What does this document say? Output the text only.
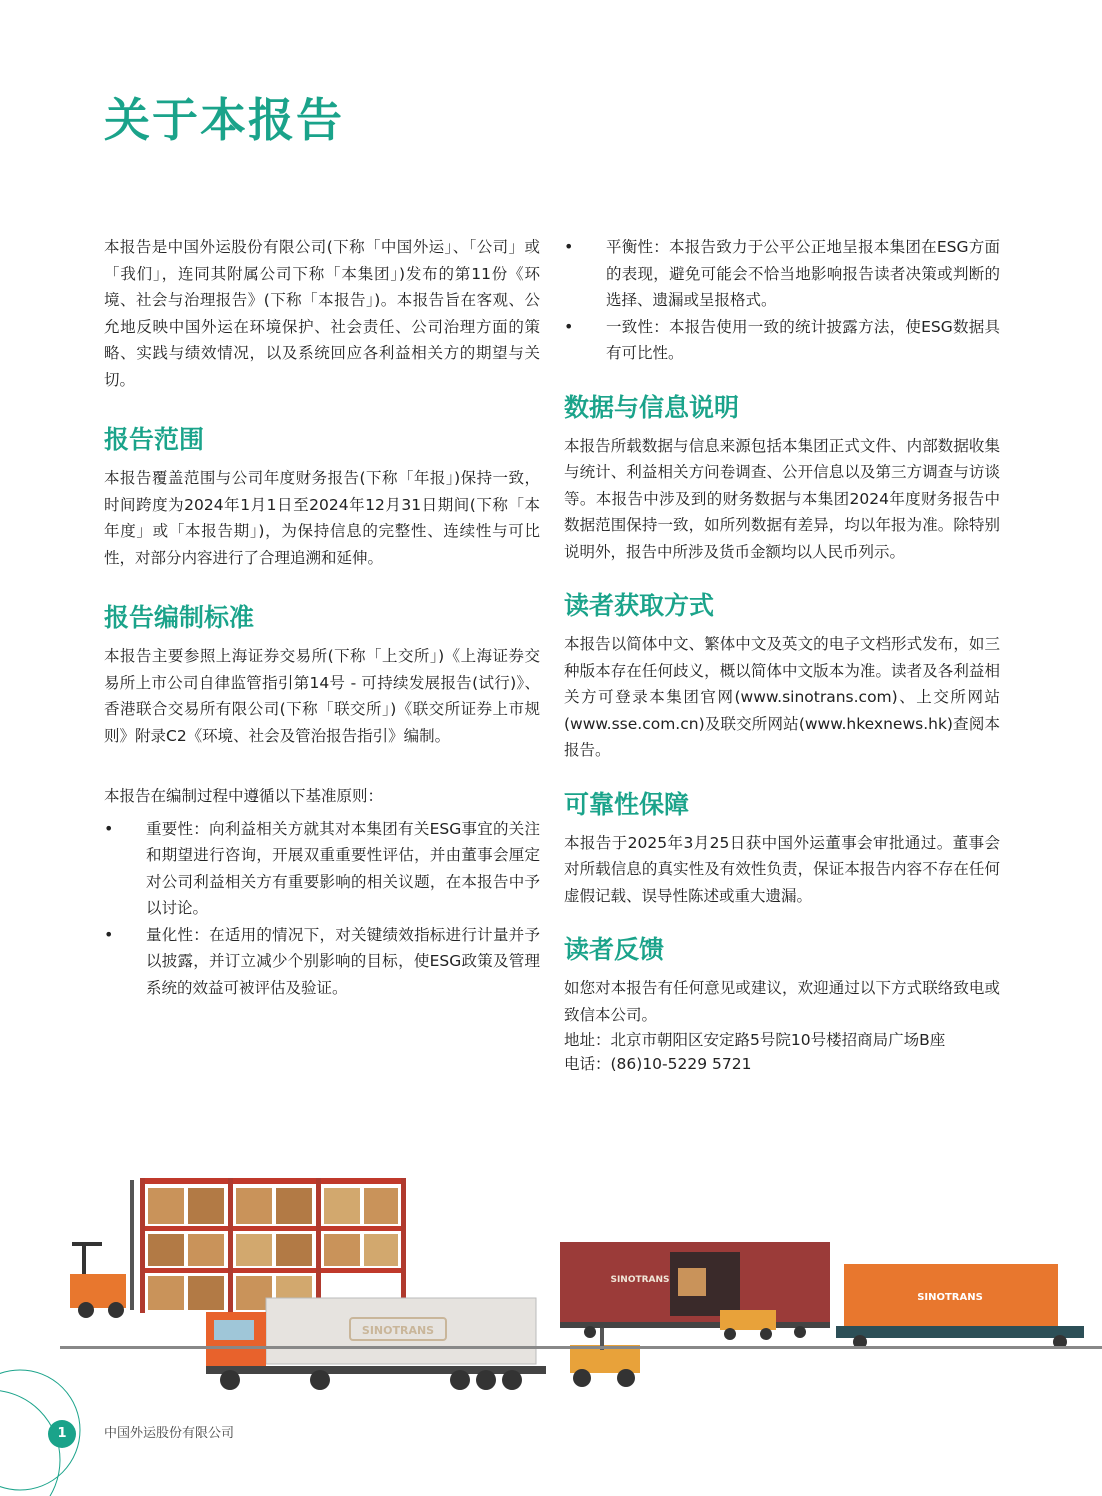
关于本报告

本报告是中国外运股份有限公司(下称「中国外运」、「公司」或「我们」，连同其附属公司下称「本集团」)发布的第11份《环境、社会与治理报告》(下称「本报告」)。本报告旨在客观、公允地反映中国外运在环境保护、社会责任、公司治理方面的策略、实践与绩效情况，以及系统回应各利益相关方的期望与关切。

报告范围

本报告覆盖范围与公司年度财务报告(下称「年报」)保持一致，时间跨度为2024年1月1日至2024年12月31日期间(下称「本年度」或「本报告期」)，为保持信息的完整性、连续性与可比性，对部分内容进行了合理追溯和延伸。

报告编制标准

本报告主要参照上海证券交易所(下称「上交所」)《上海证券交易所上市公司自律监管指引第14号 - 可持续发展报告(试行)》、香港联合交易所有限公司(下称「联交所」)《联交所证券上市规则》附录C2《环境、社会及管治报告指引》编制。

本报告在编制过程中遵循以下基准原则：

• 重要性：向利益相关方就其对本集团有关ESG事宜的关注和期望进行咨询，开展双重重要性评估，并由董事会厘定对公司利益相关方有重要影响的相关议题，在本报告中予以讨论。
• 量化性：在适用的情况下，对关键绩效指标进行计量并予以披露，并订立减少个别影响的目标，使ESG政策及管理系统的效益可被评估及验证。
• 平衡性：本报告致力于公平公正地呈报本集团在ESG方面的表现，避免可能会不恰当地影响报告读者决策或判断的选择、遗漏或呈报格式。
• 一致性：本报告使用一致的统计披露方法，使ESG数据具有可比性。
数据与信息说明

本报告所载数据与信息来源包括本集团正式文件、内部数据收集与统计、利益相关方问卷调查、公开信息以及第三方调查与访谈等。本报告中涉及到的财务数据与本集团2024年度财务报告中数据范围保持一致，如所列数据有差异，均以年报为准。除特别说明外，报告中所涉及货币金额均以人民币列示。

读者获取方式

本报告以简体中文、繁体中文及英文的电子文档形式发布，如三种版本存在任何歧义，概以简体中文版本为准。读者及各利益相关方可登录本集团官网(www.sinotrans.com)、上交所网站(www.sse.com.cn)及联交所网站(www.hkexnews.hk)查阅本报告。

可靠性保障

本报告于2025年3月25日获中国外运董事会审批通过。董事会对所载信息的真实性及有效性负责，保证本报告内容不存在任何虚假记载、误导性陈述或重大遗漏。

读者反馈

如您对本报告有任何意见或建议，欢迎通过以下方式联络致电或致信本公司。

地址：北京市朝阳区安定路5号院10号楼招商局广场B座

电话：(86)10-5229 5721

SINOTRANS
SINOTRANS
SINOTRANS
1	中国外运股份有限公司
